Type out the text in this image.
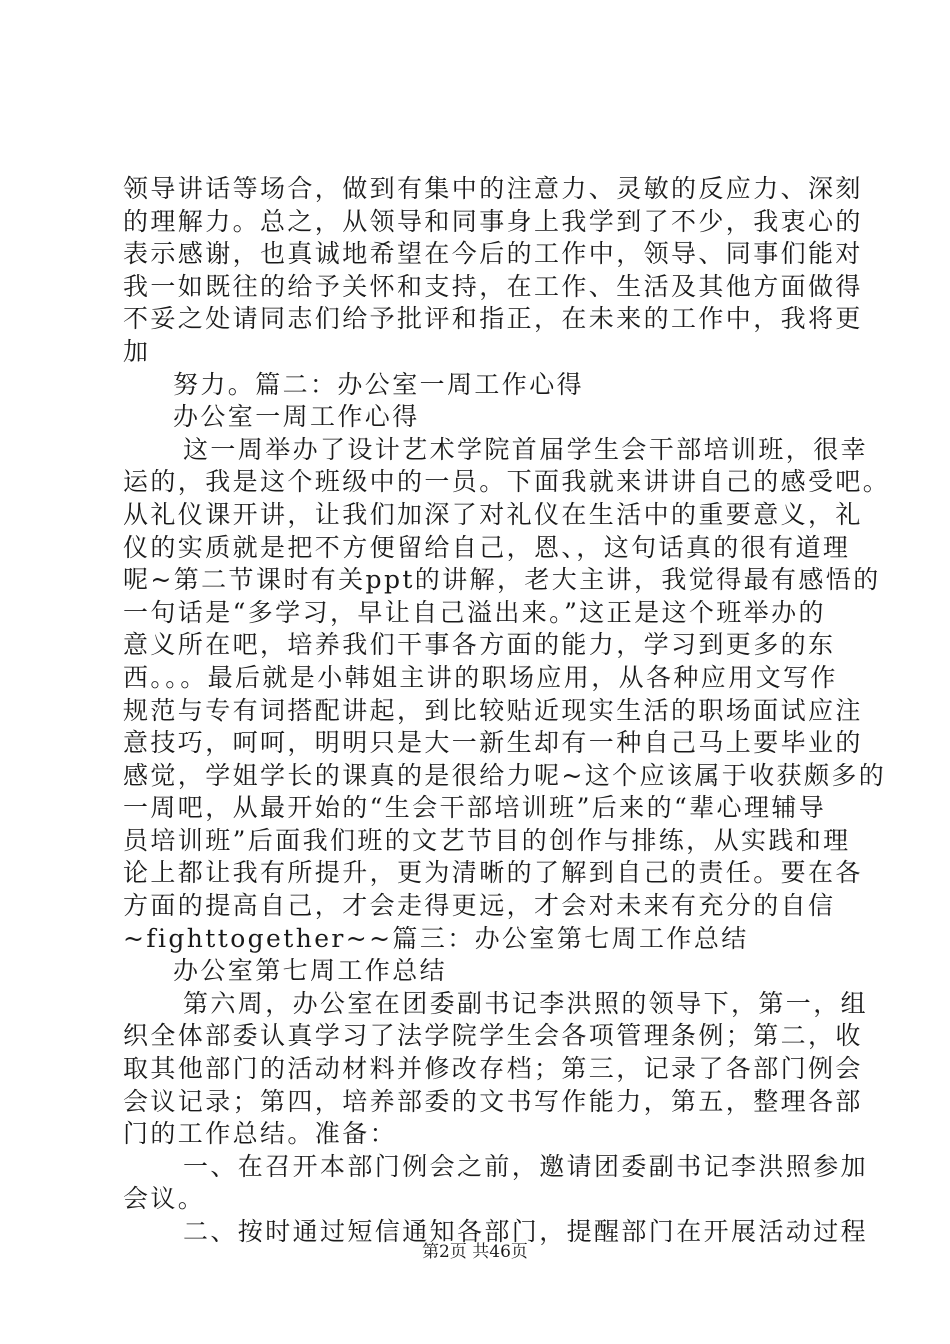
领导讲话等场合，做到有集中的注意力、灵敏的反应力、深刻
的理解力。总之，从领导和同事身上我学到了不少，我衷心的
表示感谢，也真诚地希望在今后的工作中，领导、同事们能对
我一如既往的给予关怀和支持，在工作、生活及其他方面做得
不妥之处请同志们给予批评和指正，在未来的工作中，我将更
加
努力。篇二：办公室一周工作心得
办公室一周工作心得
这一周举办了设计艺术学院首届学生会干部培训班，很幸
运的，我是这个班级中的一员。下面我就来讲讲自己的感受吧。
从礼仪课开讲，让我们加深了对礼仪在生活中的重要意义，礼
仪的实质就是把不方便留给自己，恩、，这句话真的很有道理
呢~第二节课时有关ppt的讲解，老大主讲，我觉得最有感悟的
一句话是“多学习，早让自己溢出来。”这正是这个班举办的
意义所在吧，培养我们干事各方面的能力，学习到更多的东
西。。。最后就是小韩姐主讲的职场应用，从各种应用文写作
规范与专有词搭配讲起，到比较贴近现实生活的职场面试应注
意技巧，呵呵，明明只是大一新生却有一种自己马上要毕业的
感觉，学姐学长的课真的是很给力呢~这个应该属于收获颇多的
一周吧，从最开始的“生会干部培训班”后来的“辈心理辅导
员培训班”后面我们班的文艺节目的创作与排练，从实践和理
论上都让我有所提升，更为清晰的了解到自己的责任。要在各
方面的提高自己，才会走得更远，才会对未来有充分的自信
~fighttogether~~篇三：办公室第七周工作总结
办公室第七周工作总结
第六周，办公室在团委副书记李洪照的领导下，第一，组
织全体部委认真学习了法学院学生会各项管理条例；第二，收
取其他部门的活动材料并修改存档；第三，记录了各部门例会
会议记录；第四，培养部委的文书写作能力，第五，整理各部
门的工作总结。准备：
一、在召开本部门例会之前，邀请团委副书记李洪照参加
会议。
二、按时通过短信通知各部门，提醒部门在开展活动过程
第2页 共46页
